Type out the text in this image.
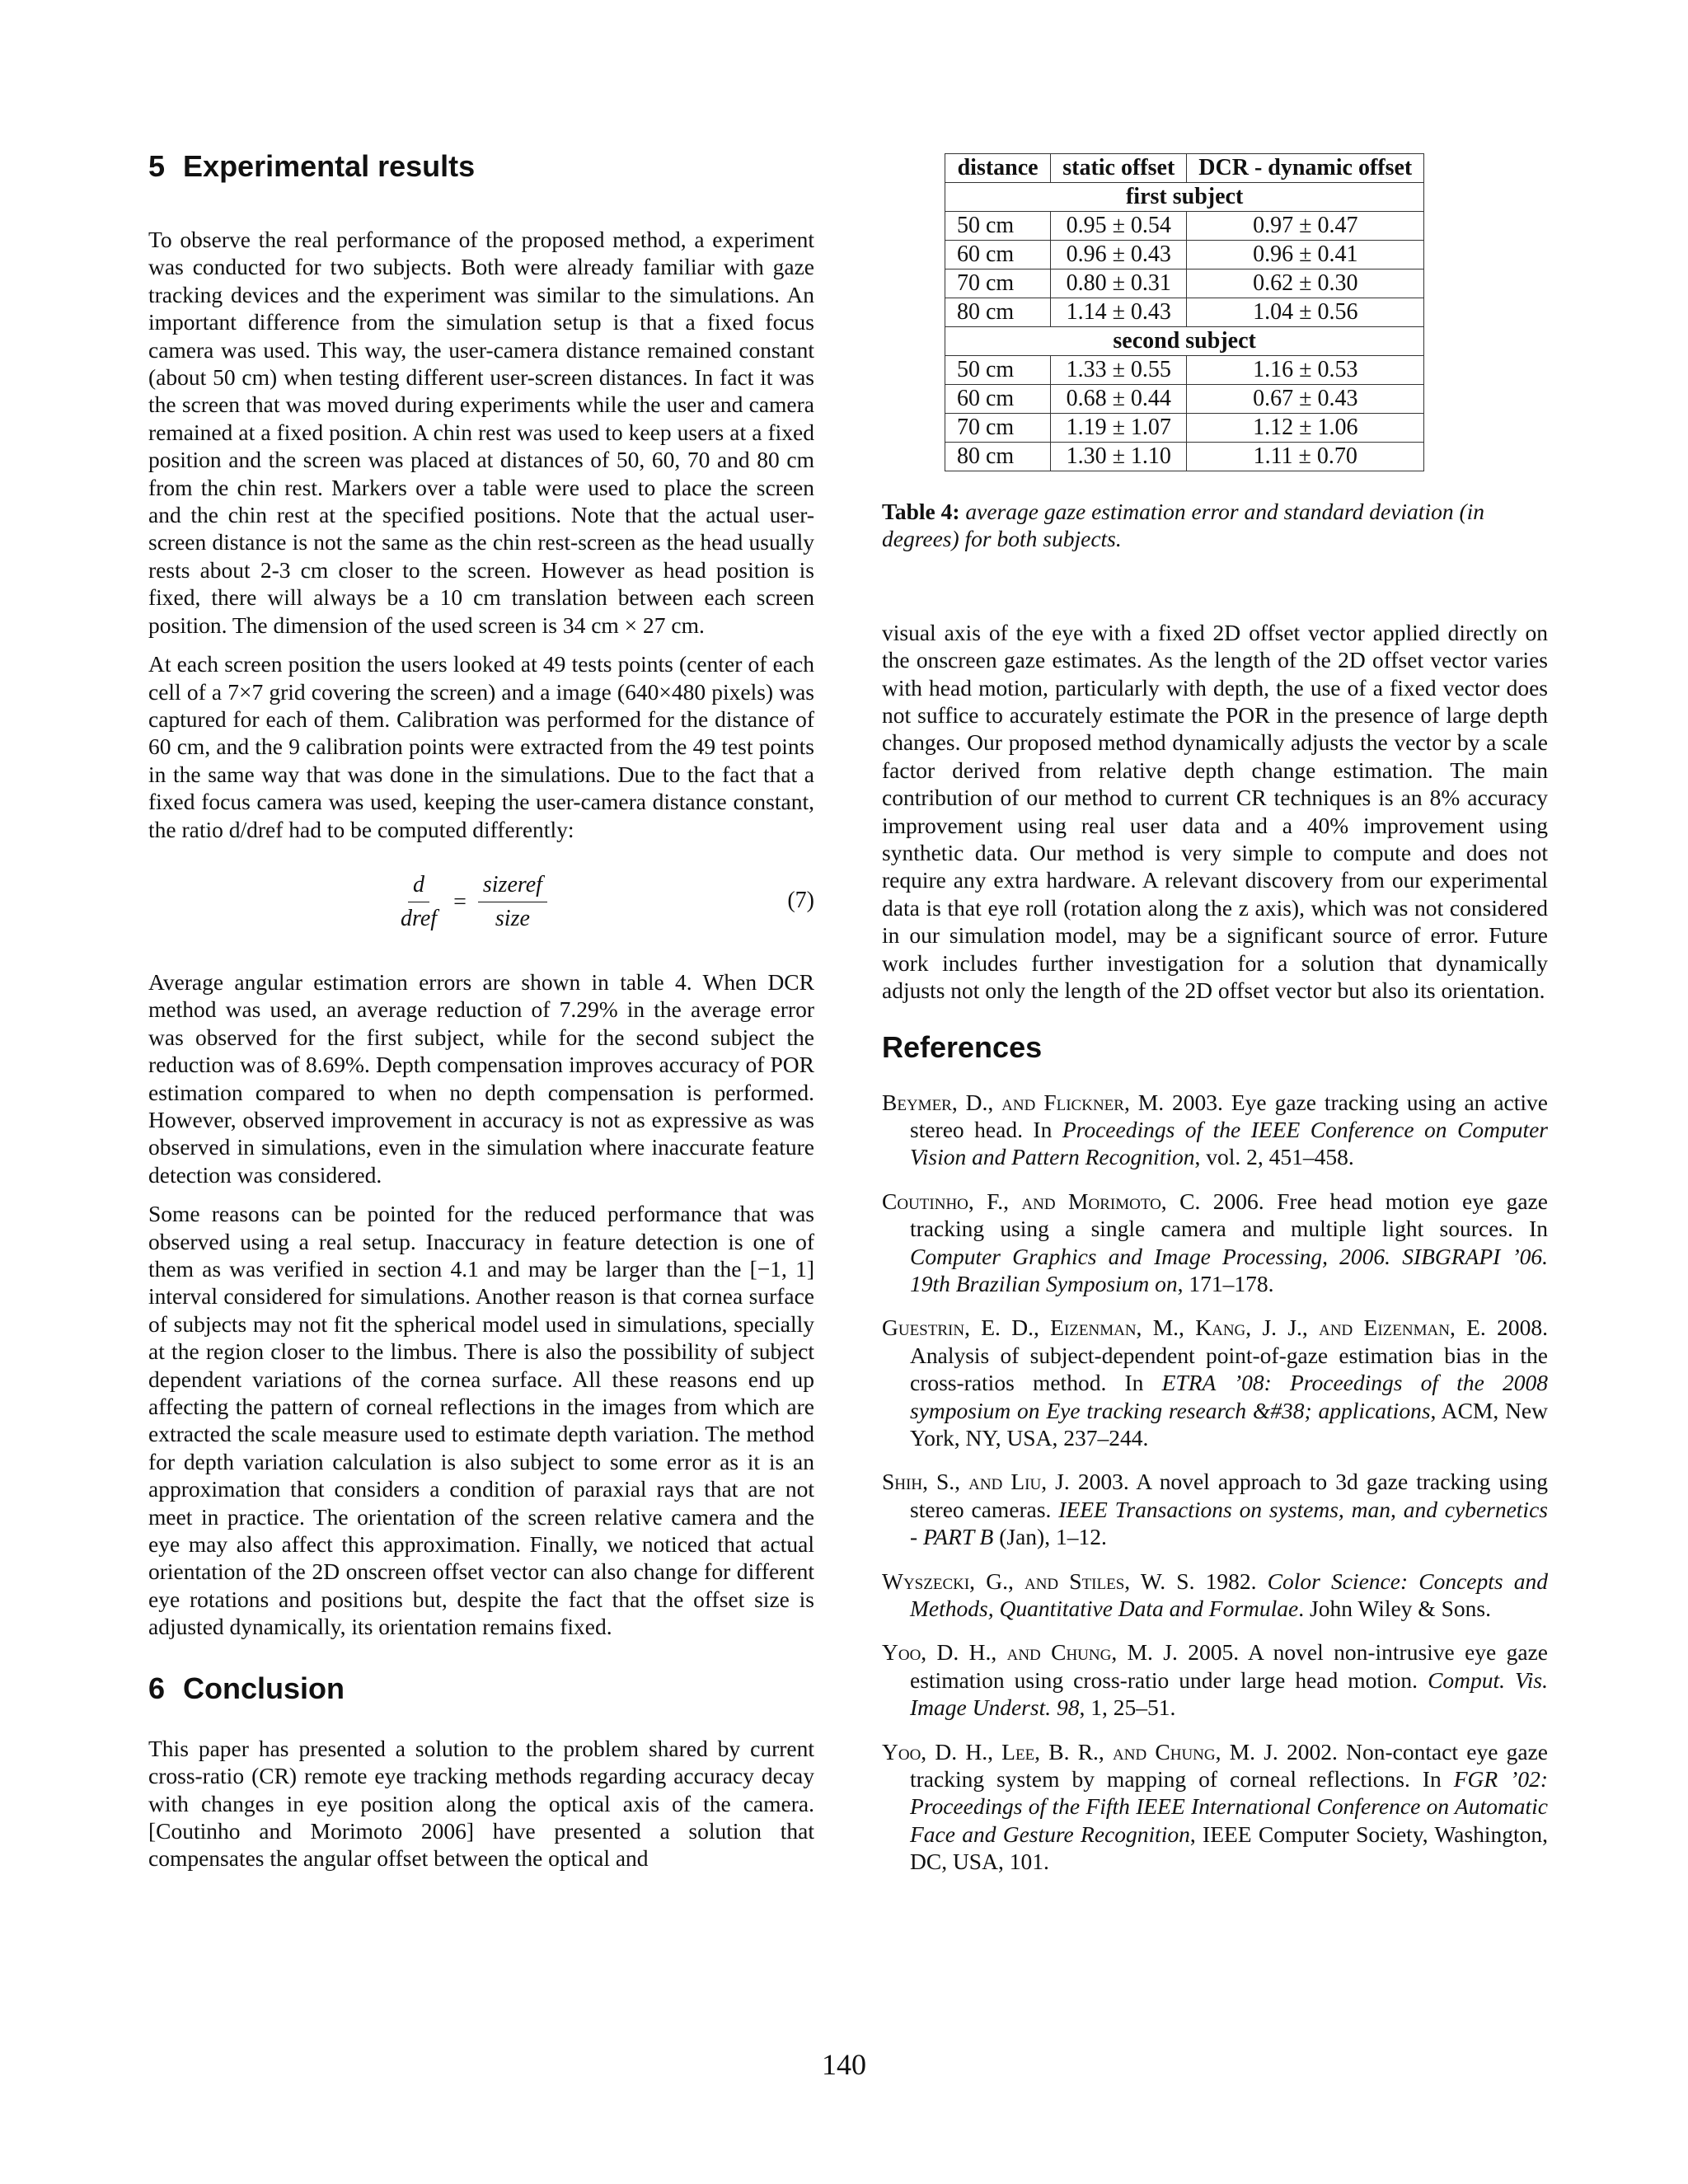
5 Experimental results

To observe the real performance of the proposed method, a experiment was conducted for two subjects. Both were already familiar with gaze tracking devices and the experiment was similar to the simulations. An important difference from the simulation setup is that a fixed focus camera was used. This way, the user-camera distance remained constant (about 50 cm) when testing different user-screen distances. In fact it was the screen that was moved during experiments while the user and camera remained at a fixed position. A chin rest was used to keep users at a fixed position and the screen was placed at distances of 50, 60, 70 and 80 cm from the chin rest. Markers over a table were used to place the screen and the chin rest at the specified positions. Note that the actual user-screen distance is not the same as the chin rest-screen as the head usually rests about 2-3 cm closer to the screen. However as head position is fixed, there will always be a 10 cm translation between each screen position. The dimension of the used screen is 34 cm × 27 cm.

At each screen position the users looked at 49 tests points (center of each cell of a 7×7 grid covering the screen) and a image (640×480 pixels) was captured for each of them. Calibration was performed for the distance of 60 cm, and the 9 calibration points were extracted from the 49 test points in the same way that was done in the simulations. Due to the fact that a fixed focus camera was used, keeping the user-camera distance constant, the ratio d/dref had to be computed differently:

$\frac{d}{\text{dref}} = \frac{\text{sizeref}}{\text{size}}$	(7)

Average angular estimation errors are shown in table 4. When DCR method was used, an average reduction of 7.29% in the average error was observed for the first subject, while for the second subject the reduction was of 8.69%. Depth compensation improves accuracy of POR estimation compared to when no depth compensation is performed. However, observed improvement in accuracy is not as expressive as was observed in simulations, even in the simulation where inaccurate feature detection was considered.

Some reasons can be pointed for the reduced performance that was observed using a real setup. Inaccuracy in feature detection is one of them as was verified in section 4.1 and may be larger than the [−1, 1] interval considered for simulations. Another reason is that cornea surface of subjects may not fit the spherical model used in simulations, specially at the region closer to the limbus. There is also the possibility of subject dependent variations of the cornea surface. All these reasons end up affecting the pattern of corneal reflections in the images from which are extracted the scale measure used to estimate depth variation. The method for depth variation calculation is also subject to some error as it is an approximation that considers a condition of paraxial rays that are not meet in practice. The orientation of the screen relative camera and the eye may also affect this approximation. Finally, we noticed that actual orientation of the 2D onscreen offset vector can also change for different eye rotations and positions but, despite the fact that the offset size is adjusted dynamically, its orientation remains fixed.

6 Conclusion

This paper has presented a solution to the problem shared by current cross-ratio (CR) remote eye tracking methods regarding accuracy decay with changes in eye position along the optical axis of the camera. [Coutinho and Morimoto 2006] have presented a solution that compensates the angular offset between the optical and

distance	static offset	DCR - dynamic offset
first subject		
50 cm	0.95 ± 0.54	0.97 ± 0.47
60 cm	0.96 ± 0.43	0.96 ± 0.41
70 cm	0.80 ± 0.31	0.62 ± 0.30
80 cm	1.14 ± 0.43	1.04 ± 0.56
second subject		
50 cm	1.33 ± 0.55	1.16 ± 0.53
60 cm	0.68 ± 0.44	0.67 ± 0.43
70 cm	1.19 ± 1.07	1.12 ± 1.06
80 cm	1.30 ± 1.10	1.11 ± 0.70
Table 4: average gaze estimation error and standard deviation (in degrees) for both subjects.

visual axis of the eye with a fixed 2D offset vector applied directly on the onscreen gaze estimates. As the length of the 2D offset vector varies with head motion, particularly with depth, the use of a fixed vector does not suffice to accurately estimate the POR in the presence of large depth changes. Our proposed method dynamically adjusts the vector by a scale factor derived from relative depth change estimation. The main contribution of our method to current CR techniques is an 8% accuracy improvement using real user data and a 40% improvement using synthetic data. Our method is very simple to compute and does not require any extra hardware. A relevant discovery from our experimental data is that eye roll (rotation along the z axis), which was not considered in our simulation model, may be a significant source of error. Future work includes further investigation for a solution that dynamically adjusts not only the length of the 2D offset vector but also its orientation.

References

Beymer, D., and Flickner, M. 2003. Eye gaze tracking using an active stereo head. In Proceedings of the IEEE Conference on Computer Vision and Pattern Recognition, vol. 2, 451–458.

Coutinho, F., and Morimoto, C. 2006. Free head motion eye gaze tracking using a single camera and multiple light sources. In Computer Graphics and Image Processing, 2006. SIBGRAPI ’06. 19th Brazilian Symposium on, 171–178.

Guestrin, E. D., Eizenman, M., Kang, J. J., and Eizenman, E. 2008. Analysis of subject-dependent point-of-gaze estimation bias in the cross-ratios method. In ETRA ’08: Proceedings of the 2008 symposium on Eye tracking research &#38; applications, ACM, New York, NY, USA, 237–244.

Shih, S., and Liu, J. 2003. A novel approach to 3d gaze tracking using stereo cameras. IEEE Transactions on systems, man, and cybernetics - PART B (Jan), 1–12.

Wyszecki, G., and Stiles, W. S. 1982. Color Science: Concepts and Methods, Quantitative Data and Formulae. John Wiley & Sons.

Yoo, D. H., and Chung, M. J. 2005. A novel non-intrusive eye gaze estimation using cross-ratio under large head motion. Comput. Vis. Image Underst. 98, 1, 25–51.

Yoo, D. H., Lee, B. R., and Chung, M. J. 2002. Non-contact eye gaze tracking system by mapping of corneal reflections. In FGR ’02: Proceedings of the Fifth IEEE International Conference on Automatic Face and Gesture Recognition, IEEE Computer Society, Washington, DC, USA, 101.

140
